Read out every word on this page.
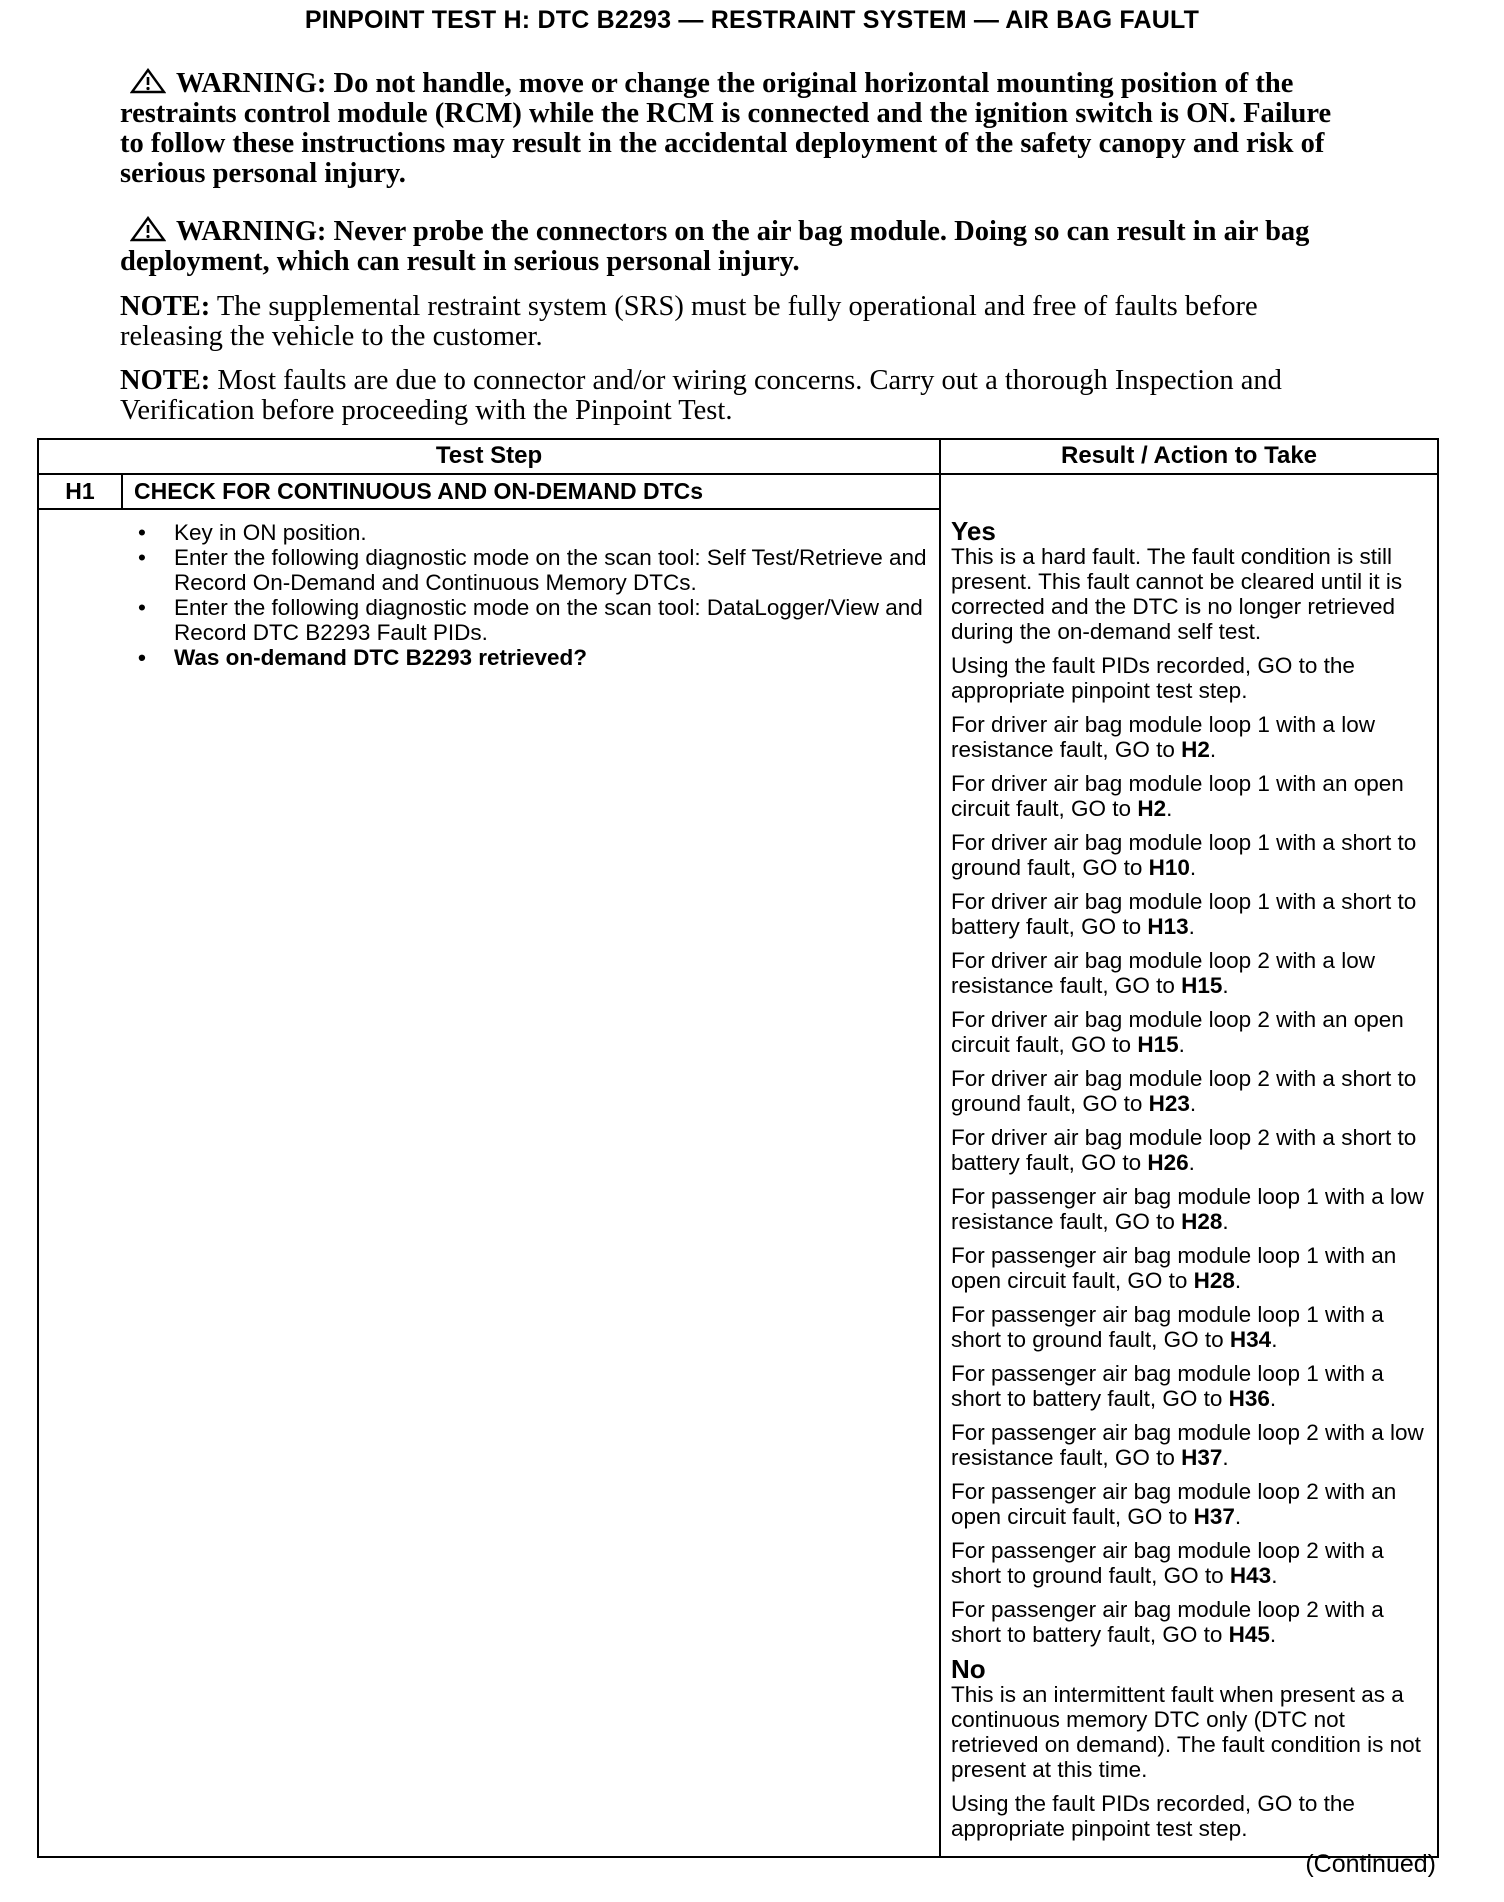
PINPOINT TEST H: DTC B2293 — RESTRAINT SYSTEM — AIR BAG FAULT
WARNING: Do not handle, move or change the original horizontal mounting position of the restraints control module (RCM) while the RCM is connected and the ignition switch is ON. Failure to follow these instructions may result in the accidental deployment of the safety canopy and risk of serious personal injury.
WARNING: Never probe the connectors on the air bag module. Doing so can result in air bag deployment, which can result in serious personal injury.
NOTE: The supplemental restraint system (SRS) must be fully operational and free of faults before releasing the vehicle to the customer.
NOTE: Most faults are due to connector and/or wiring concerns. Carry out a thorough Inspection and Verification before proceeding with the Pinpoint Test.
Test Step	Result / Action to Take
H1	CHECK FOR CONTINUOUS AND ON-DEMAND DTCs
• Key in ON position.
• Enter the following diagnostic mode on the scan tool: Self Test/Retrieve and Record On-Demand and Continuous Memory DTCs.
• Enter the following diagnostic mode on the scan tool: DataLogger/View and Record DTC B2293 Fault PIDs.
• Was on-demand DTC B2293 retrieved?
Yes

This is a hard fault. The fault condition is still present. This fault cannot be cleared until it is corrected and the DTC is no longer retrieved during the on-demand self test.

Using the fault PIDs recorded, GO to the appropriate pinpoint test step.

For driver air bag module loop 1 with a low resistance fault, GO to H2.

For driver air bag module loop 1 with an open circuit fault, GO to H2.

For driver air bag module loop 1 with a short to ground fault, GO to H10.

For driver air bag module loop 1 with a short to battery fault, GO to H13.

For driver air bag module loop 2 with a low resistance fault, GO to H15.

For driver air bag module loop 2 with an open circuit fault, GO to H15.

For driver air bag module loop 2 with a short to ground fault, GO to H23.

For driver air bag module loop 2 with a short to battery fault, GO to H26.

For passenger air bag module loop 1 with a low resistance fault, GO to H28.

For passenger air bag module loop 1 with an open circuit fault, GO to H28.

For passenger air bag module loop 1 with a short to ground fault, GO to H34.

For passenger air bag module loop 1 with a short to battery fault, GO to H36.

For passenger air bag module loop 2 with a low resistance fault, GO to H37.

For passenger air bag module loop 2 with an open circuit fault, GO to H37.

For passenger air bag module loop 2 with a short to ground fault, GO to H43.

For passenger air bag module loop 2 with a short to battery fault, GO to H45.

No

This is an intermittent fault when present as a continuous memory DTC only (DTC not retrieved on demand). The fault condition is not present at this time.

Using the fault PIDs recorded, GO to the appropriate pinpoint test step.

(Continued)
